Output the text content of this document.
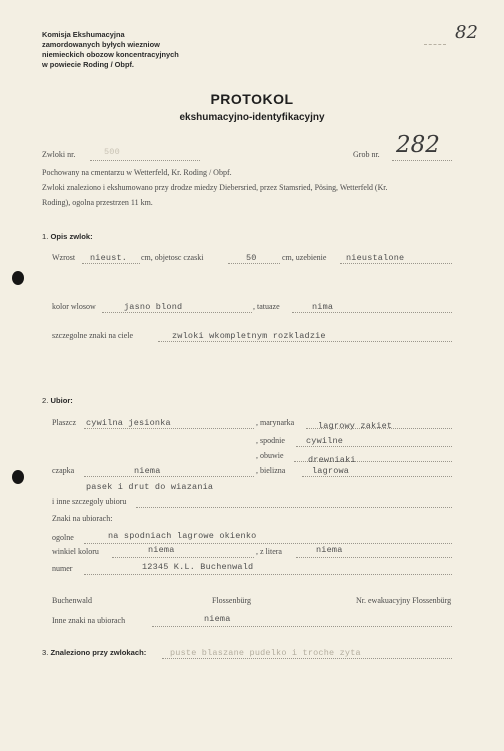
82
Komisja Ekshumacyjna
zamordowanych byłych wiezniow
niemieckich obozow koncentracyjnych
w powiecie Roding / Obpf.
PROTOKOL
ekshumacyjno-identyfikacyjny
Zwloki nr.	500	Grob nr. 282
Pochowany na cmentarzu w Wetterfeld, Kr. Roding / Obpf.
Zwloki znaleziono i ekshumowano przy drodze miedzy Diebersried, przez Stamsried, Pösing, Wetterfeld (Kr.
Roding), ogolna przestrzen 11 km.
1. Opis zwlok:
Wzrost nieust. cm, objetosc czaski	50	cm, uzebienie nieustalone
kolor wlosow	jasno blond	, tatuaze	nima
szczegolne znaki na ciele	zwloki wkompletnym rozkladzie
2. Ubior:
Plaszcz cywilna jesionka	, marynarka	lagrowy zakiet
, spodnie cywilne
, obuwie	drewniaki
czapka	niema	, bielizna	lagrowa
pasek i drut do wiazania
i inne szczegoly ubioru
Znaki na ubiorach:
ogolne	na spodniach lagrowe okienko
winkiel koloru	niema	, z litera	niema
numer	12345 K.L. Buchenwald
Buchenwald	Flossenbürg	Nr. ewakuacyjny Flossenbürg
Inne znaki na ubiorach	niema
3. Znaleziono przy zwlokach:	puste blaszane pudelko i troche zyta
